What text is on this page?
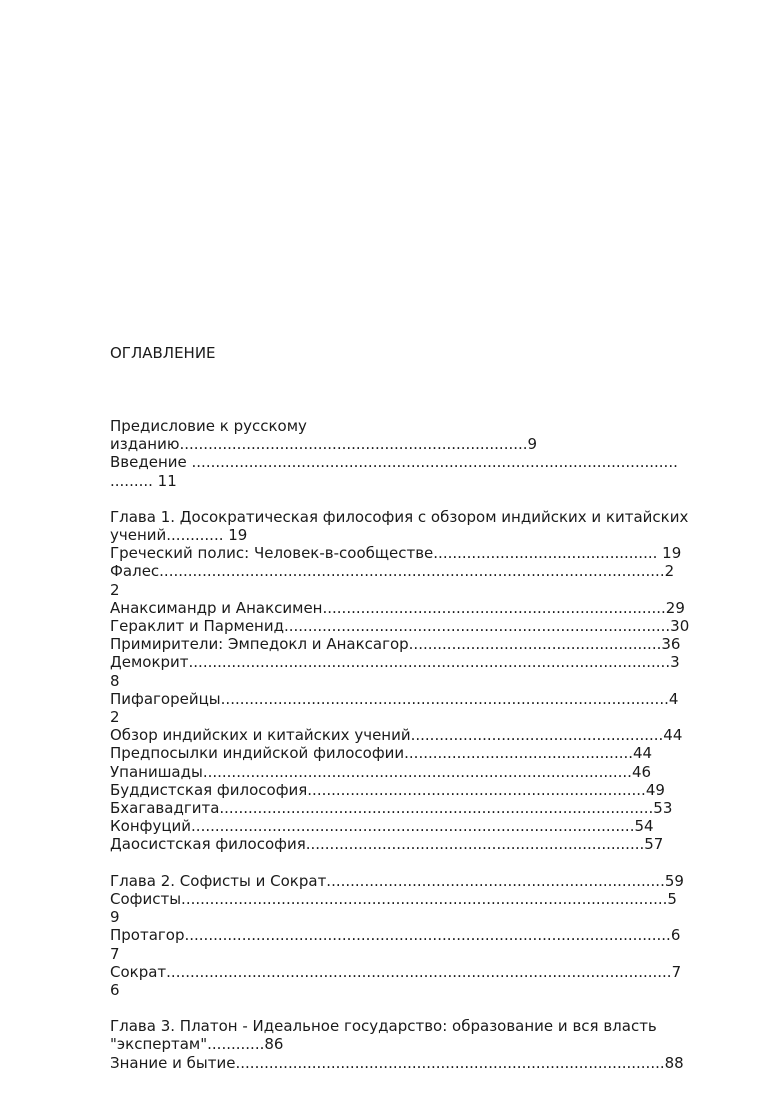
ОГЛАВЛЕНИЕ

Предисловие к русскому
изданию.........................................................................9
Введение ......................................................................................................
......... 11
Глава 1. Досократическая философия с обзором индийских и китайских
учений............ 19
Греческий полис: Человек-в-сообществе............................................... 19
Фалес..........................................................................................................2
2
Анаксимандр и Анаксимен........................................................................29
Гераклит и Парменид.................................................................................30
Примирители: Эмпедокл и Анаксагор.....................................................36
Демокрит.....................................................................................................3
8
Пифагорейцы..............................................................................................4
2
Обзор индийских и китайских учений.....................................................44
Предпосылки индийской философии................................................44
Упанишады..........................................................................................46
Буддистская философия.......................................................................49
Бхагавадгита...........................................................................................53
Конфуций.............................................................................................54
Даосистская философия.......................................................................57
Глава 2. Софисты и Сократ.......................................................................59
Софисты......................................................................................................5
9
Протагор......................................................................................................6
7
Сократ..........................................................................................................7
6
Глава 3. Платон - Идеальное государство: образование и вся власть
"экспертам"............86
Знание и бытие..........................................................................................88
